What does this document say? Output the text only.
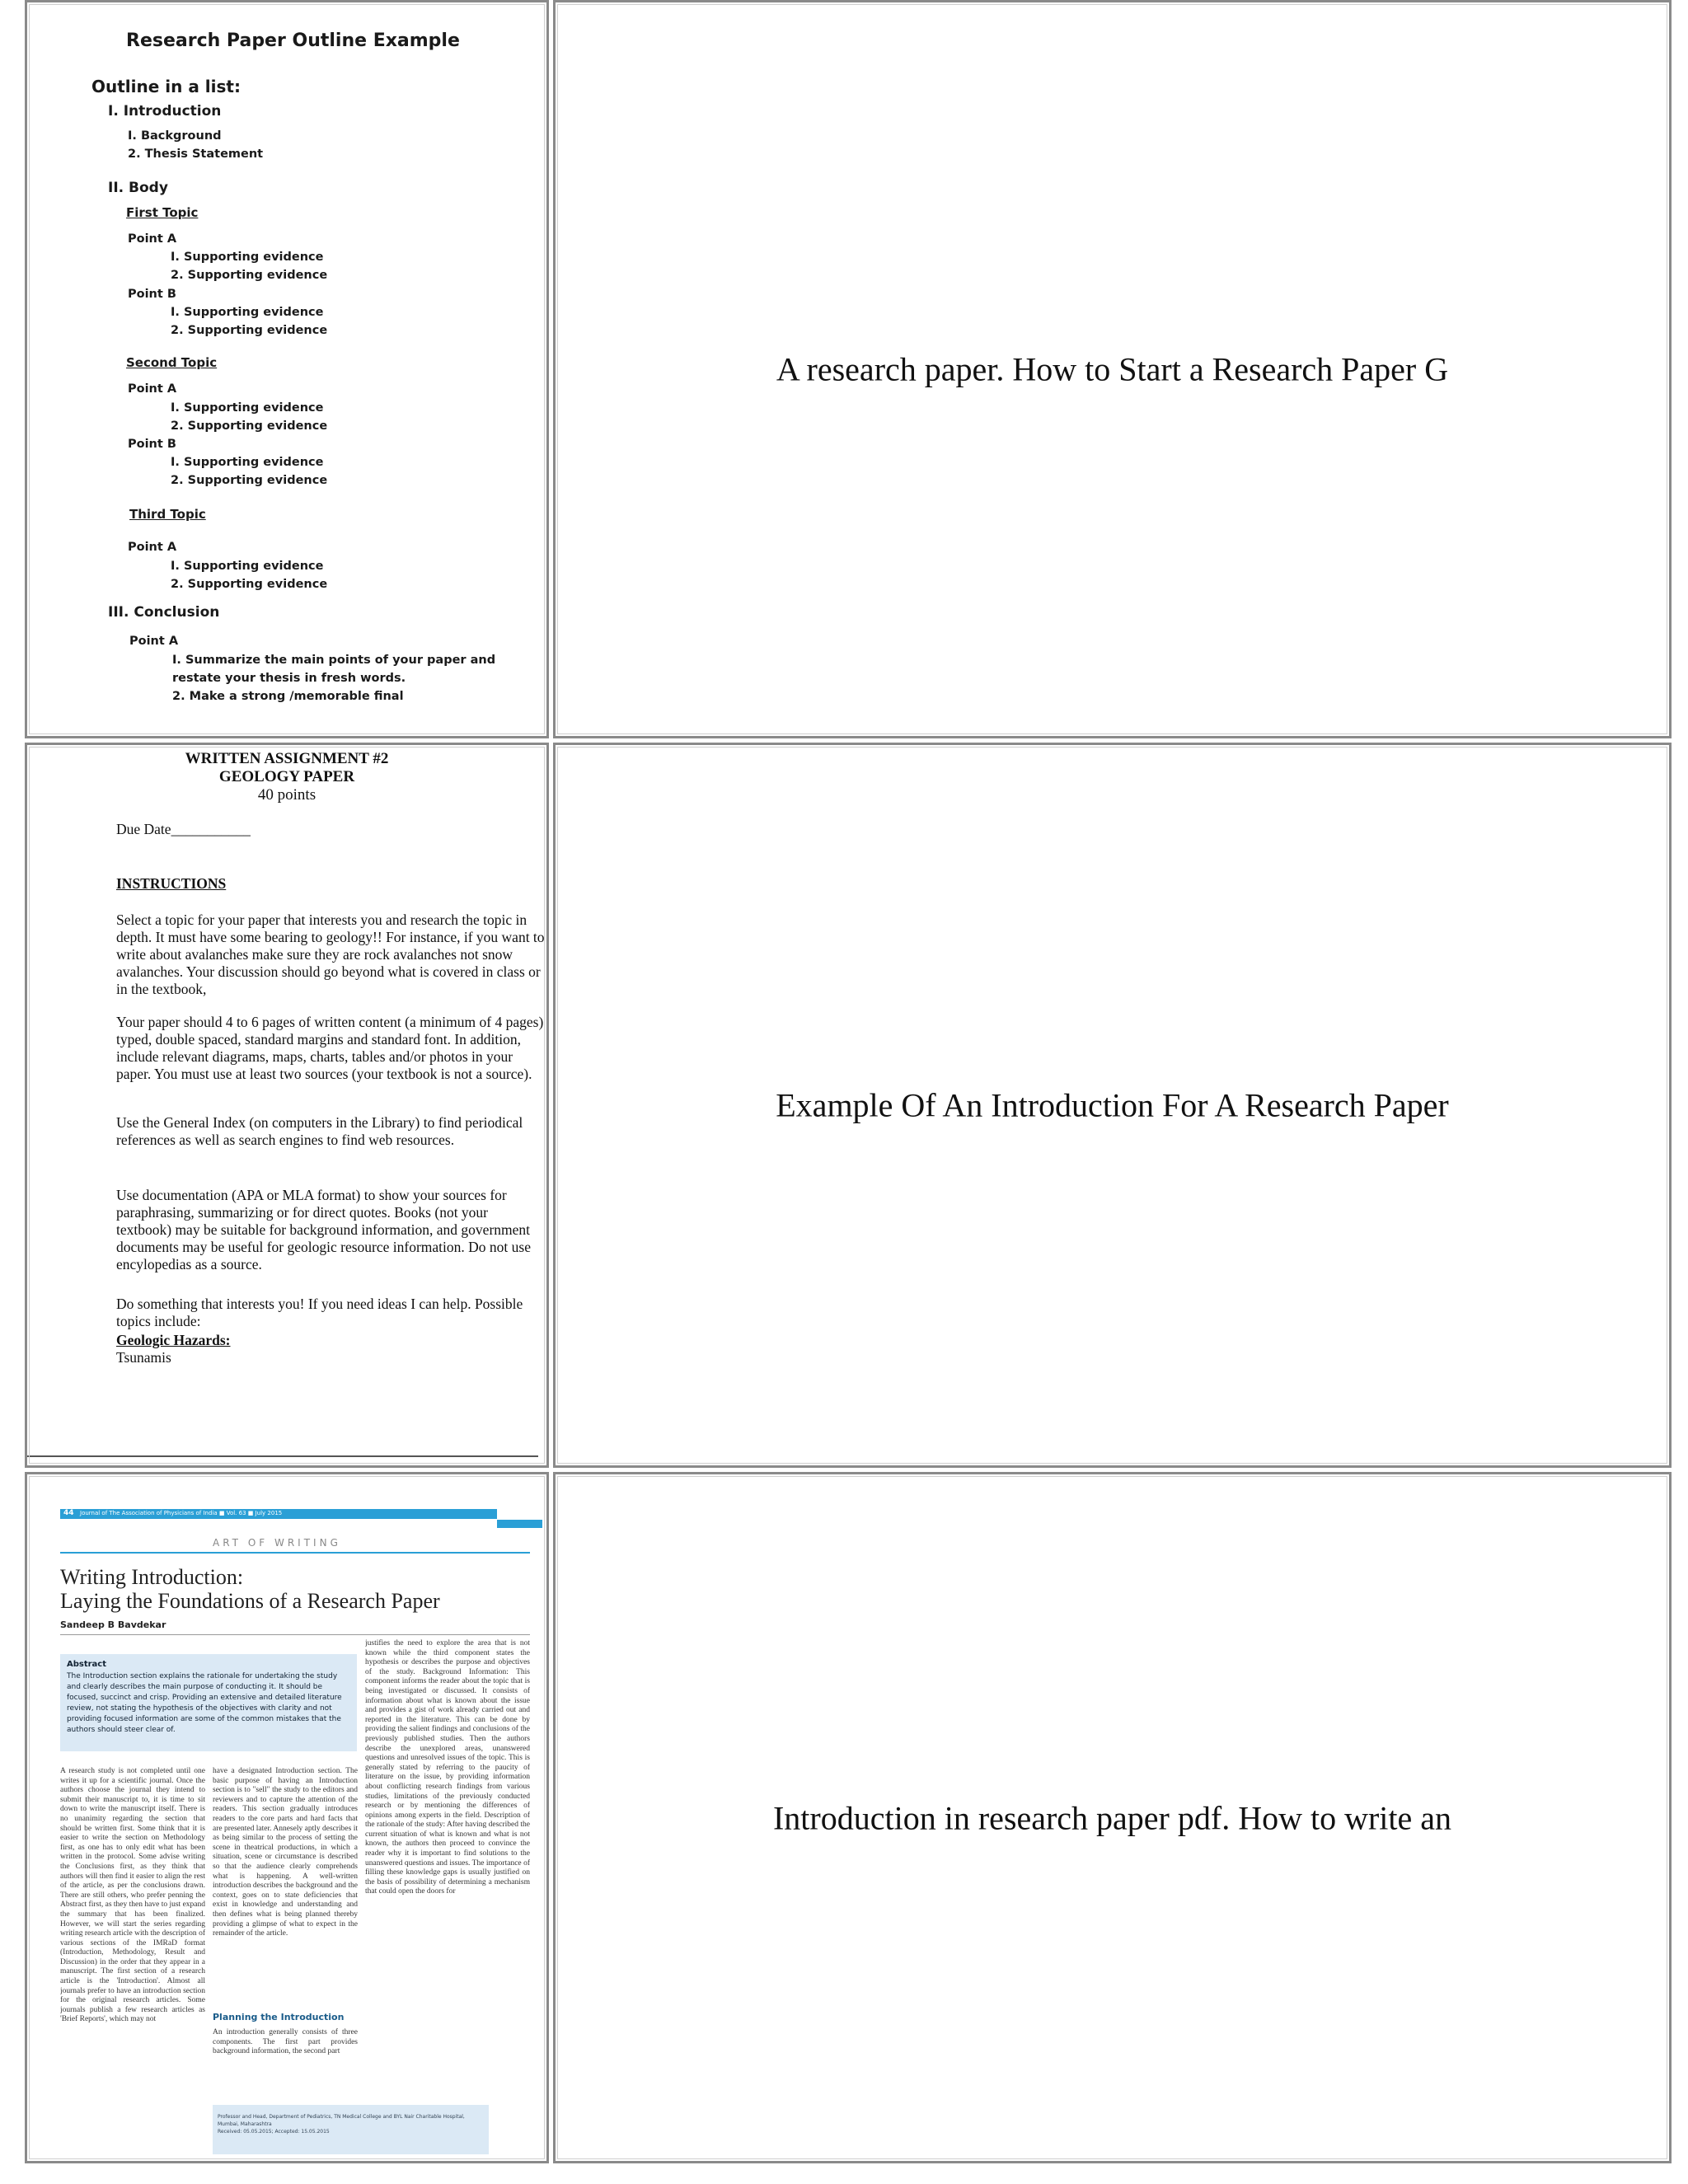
Research Paper Outline Example
Outline in a list:
I. Introduction
I. Background
2. Thesis Statement
II. Body
First Topic
Point A
I. Supporting evidence
2. Supporting evidence
Point B
I. Supporting evidence
2. Supporting evidence
Second Topic
Point A
I. Supporting evidence
2. Supporting evidence
Point B
I. Supporting evidence
2. Supporting evidence
Third Topic
Point A
I. Supporting evidence
2. Supporting evidence
III. Conclusion
Point A
I. Summarize the main points of your paper and
restate your thesis in fresh words.
2. Make a strong /memorable final
A research paper. How to Start a Research Paper G
WRITTEN ASSIGNMENT #2
GEOLOGY PAPER
40 points

Due Date___________

INSTRUCTIONS

Select a topic for your paper that interests you and research the topic in depth. It must have some bearing to geology!! For instance, if you want to write about avalanches make sure they are rock avalanches not snow avalanches. Your discussion should go beyond what is covered in class or in the textbook,

Your paper should 4 to 6 pages of written content (a minimum of 4 pages) typed, double spaced, standard margins and standard font. In addition, include relevant diagrams, maps, charts, tables and/or photos in your paper. You must use at least two sources (your textbook is not a source).

Use the General Index (on computers in the Library) to find periodical references as well as search engines to find web resources.

Use documentation (APA or MLA format) to show your sources for paraphrasing, summarizing or for direct quotes. Books (not your textbook) may be suitable for background information, and government documents may be useful for geologic resource information. Do not use encylopedias as a source.

Do something that interests you! If you need ideas I can help. Possible topics include:

Geologic Hazards:

Tsunamis

Example Of An Introduction For A Research Paper
44 Journal of The Association of Physicians of India ■ Vol. 63 ■ July 2015
ART OF WRITING
Writing Introduction:
Laying the Foundations of a Research Paper
Sandeep B Bavdekar
Abstract
The Introduction section explains the rationale for undertaking the study and clearly describes the main purpose of conducting it. It should be focused, succinct and crisp. Providing an extensive and detailed literature review, not stating the hypothesis of the objectives with clarity and not providing focused information are some of the common mistakes that the authors should steer clear of.
A research study is not completed until one writes it up for a scientific journal. Once the authors choose the journal they intend to submit their manuscript to, it is time to sit down to write the manuscript itself. There is no unanimity regarding the section that should be written first. Some think that it is easier to write the section on Methodology first, as one has to only edit what has been written in the protocol. Some advise writing the Conclusions first, as they think that authors will then find it easier to align the rest of the article, as per the conclusions drawn. There are still others, who prefer penning the Abstract first, as they then have to just expand the summary that has been finalized. However, we will start the series regarding writing research article with the description of various sections of the IMRaD format (Introduction, Methodology, Result and Discussion) in the order that they appear in a manuscript. The first section of a research article is the 'Introduction'. Almost all journals prefer to have an introduction section for the original research articles. Some journals publish a few research articles as 'Brief Reports', which may not
have a designated Introduction section. The basic purpose of having an Introduction section is to "sell" the study to the editors and reviewers and to capture the attention of the readers. This section gradually introduces readers to the core parts and hard facts that are presented later. Annesely aptly describes it as being similar to the process of setting the scene in theatrical productions, in which a situation, scene or circumstance is described so that the audience clearly comprehends what is happening. A well-written introduction describes the background and the context, goes on to state deficiencies that exist in knowledge and understanding and then defines what is being planned thereby providing a glimpse of what to expect in the remainder of the article.
Planning the Introduction
An introduction generally consists of three components. The first part provides background information, the second part
justifies the need to explore the area that is not known while the third component states the hypothesis or describes the purpose and objectives of the study. Background Information: This component informs the reader about the topic that is being investigated or discussed. It consists of information about what is known about the issue and provides a gist of work already carried out and reported in the literature. This can be done by providing the salient findings and conclusions of the previously published studies. Then the authors describe the unexplored areas, unanswered questions and unresolved issues of the topic. This is generally stated by referring to the paucity of literature on the issue, by providing information about conflicting research findings from various studies, limitations of the previously conducted research or by mentioning the differences of opinions among experts in the field. Description of the rationale of the study: After having described the current situation of what is known and what is not known, the authors then proceed to convince the reader why it is important to find solutions to the unanswered questions and issues. The importance of filling these knowledge gaps is usually justified on the basis of possibility of determining a mechanism that could open the doors for
Professor and Head, Department of Pediatrics, TN Medical College and BYL Nair Charitable Hospital, Mumbai, Maharashtra
Received: 05.05.2015; Accepted: 15.05.2015
Introduction in research paper pdf. How to write an
